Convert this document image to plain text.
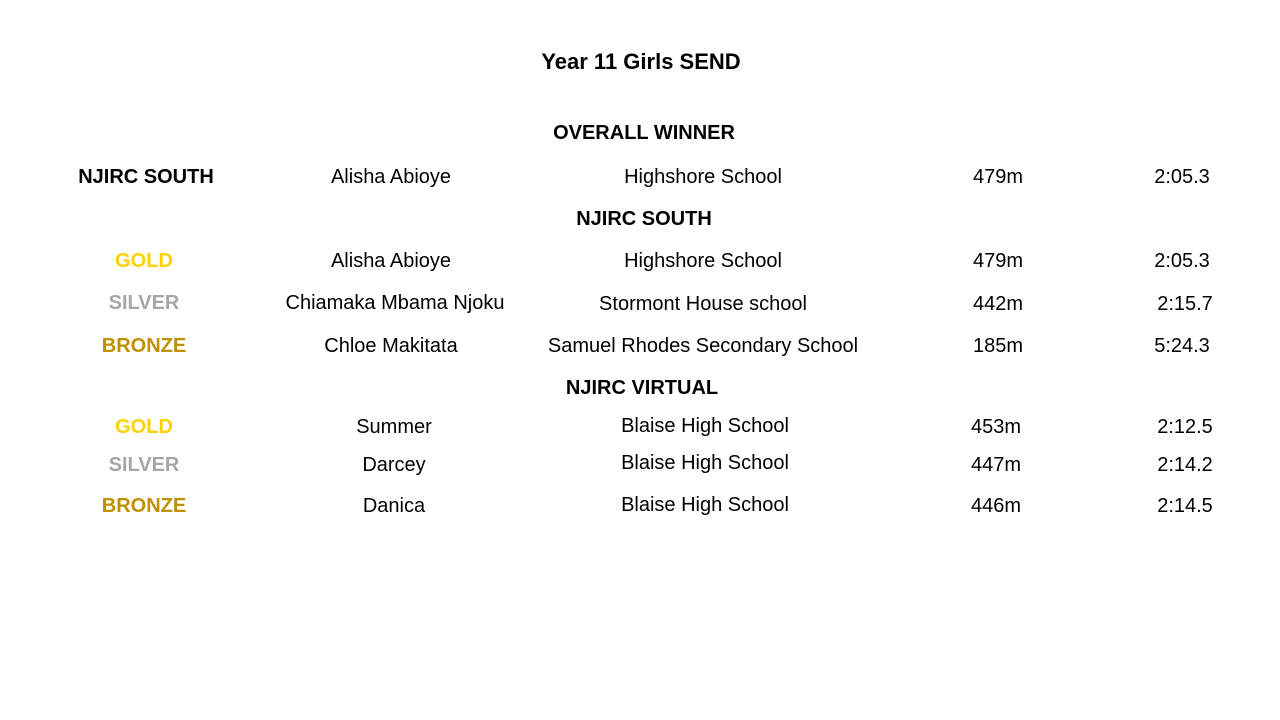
Year 11 Girls SEND
OVERALL WINNER
NJIRC SOUTH	Alisha Abioye	Highshore School	479m	2:05.3
NJIRC SOUTH
GOLD	Alisha Abioye	Highshore School	479m	2:05.3
SILVER	Chiamaka Mbama Njoku	Stormont House school	442m	2:15.7
BRONZE	Chloe Makitata	Samuel Rhodes Secondary School	185m	5:24.3
NJIRC VIRTUAL
GOLD	Summer	Blaise High School	453m	2:12.5
SILVER	Darcey	Blaise High School	447m	2:14.2
BRONZE	Danica	Blaise High School	446m	2:14.5
